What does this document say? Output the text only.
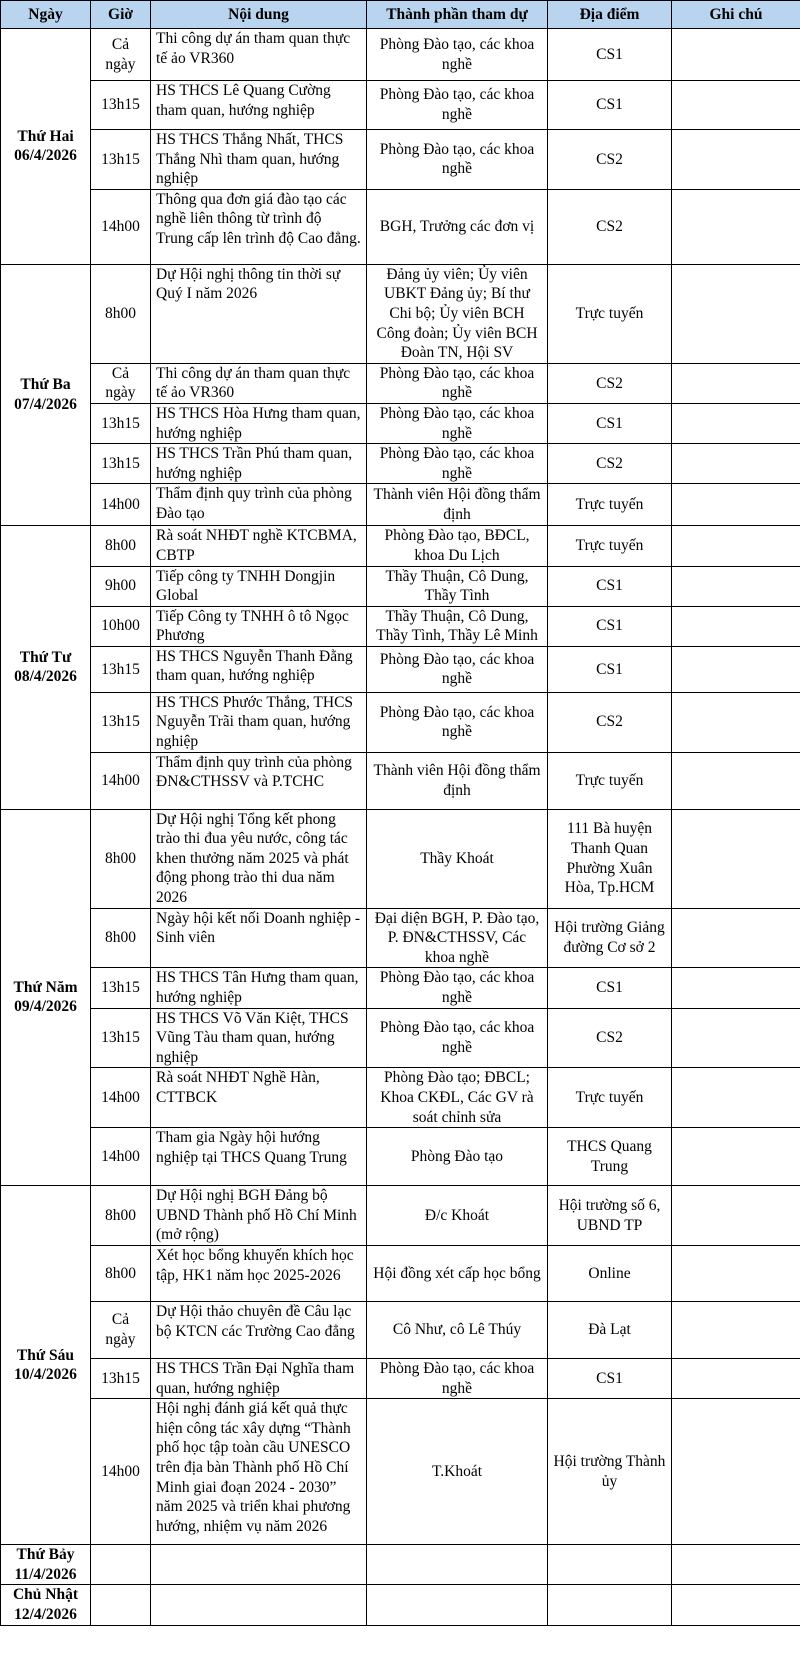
Ngày	Giờ	Nội dung	Thành phần tham dự	Địa điểm	Ghi chú

Thứ Hai
06/4/2026	Cả ngày	Thi công dự án tham quan thực tế ảo VR360	Phòng Đào tạo, các khoa nghề	CS1	
	13h15	HS THCS Lê Quang Cường tham quan, hướng nghiệp	Phòng Đào tạo, các khoa nghề	CS1	
	13h15	HS THCS Thắng Nhất, THCS Thắng Nhì tham quan, hướng nghiệp	Phòng Đào tạo, các khoa nghề	CS2	
	14h00	Thông qua đơn giá đào tạo các nghề liên thông từ trình độ Trung cấp lên trình độ Cao đẳng.	BGH, Trưởng các đơn vị	CS2	

Thứ Ba
07/4/2026	8h00	Dự Hội nghị thông tin thời sự Quý I năm 2026	Đảng ủy viên; Ủy viên UBKT Đảng ủy; Bí thư Chi bộ; Ủy viên BCH Công đoàn; Ủy viên BCH Đoàn TN, Hội SV	Trực tuyến	
	Cả ngày	Thi công dự án tham quan thực tế ảo VR360	Phòng Đào tạo, các khoa nghề	CS2	
	13h15	HS THCS Hòa Hưng tham quan, hướng nghiệp	Phòng Đào tạo, các khoa nghề	CS1	
	13h15	HS THCS Trần Phú tham quan, hướng nghiệp	Phòng Đào tạo, các khoa nghề	CS2	
	14h00	Thẩm định quy trình của phòng Đào tạo	Thành viên Hội đồng thẩm định	Trực tuyến	

Thứ Tư
08/4/2026	8h00	Rà soát NHĐT nghề KTCBMA, CBTP	Phòng Đào tạo, BĐCL, khoa Du Lịch	Trực tuyến	
	9h00	Tiếp công ty TNHH Dongjin Global	Thầy Thuận, Cô Dung, Thầy Tình	CS1	
	10h00	Tiếp Công ty TNHH ô tô Ngọc Phương	Thầy Thuận, Cô Dung, Thầy Tình, Thầy Lê Minh	CS1	
	13h15	HS THCS Nguyễn Thanh Đằng tham quan, hướng nghiệp	Phòng Đào tạo, các khoa nghề	CS1	
	13h15	HS THCS Phước Thắng, THCS Nguyễn Trãi tham quan, hướng nghiệp	Phòng Đào tạo, các khoa nghề	CS2	
	14h00	Thẩm định quy trình của phòng ĐN&CTHSSV và P.TCHC	Thành viên Hội đồng thẩm định	Trực tuyến	

Thứ Năm
09/4/2026	8h00	Dự Hội nghị Tổng kết phong trào thi đua yêu nước, công tác khen thưởng năm 2025 và phát động phong trào thi dua năm 2026	Thầy Khoát	111 Bà huyện Thanh Quan Phường Xuân Hòa, Tp.HCM	
	8h00	Ngày hội kết nối Doanh nghiệp - Sinh viên	Đại diện BGH, P. Đào tạo, P. ĐN&CTHSSV, Các khoa nghề	Hội trường Giảng đường Cơ sở 2	
	13h15	HS THCS Tân Hưng tham quan, hướng nghiệp	Phòng Đào tạo, các khoa nghề	CS1	
	13h15	HS THCS Võ Văn Kiệt, THCS Vũng Tàu tham quan, hướng nghiệp	Phòng Đào tạo, các khoa nghề	CS2	
	14h00	Rà soát NHĐT Nghề Hàn, CTTBCK	Phòng Đào tạo; ĐBCL; Khoa CKĐL, Các GV rà soát chỉnh sửa	Trực tuyến	
	14h00	Tham gia Ngày hội hướng nghiệp tại THCS Quang Trung	Phòng Đào tạo	THCS Quang Trung	

Thứ Sáu
10/4/2026	8h00	Dự Hội nghị BGH Đảng bộ UBND Thành phố Hồ Chí Minh (mở rộng)	Đ/c Khoát	Hội trường số 6, UBND TP	
	8h00	Xét học bổng khuyến khích học tập, HK1 năm học 2025-2026	Hội đồng xét cấp học bổng	Online	
	Cả ngày	Dự Hội thảo chuyên đề Câu lạc bộ KTCN các Trường Cao đẳng	Cô Như, cô Lê Thúy	Đà Lạt	
	13h15	HS THCS Trần Đại Nghĩa tham quan, hướng nghiệp	Phòng Đào tạo, các khoa nghề	CS1	
	14h00	Hội nghị đánh giá kết quả thực hiện công tác xây dựng “Thành phố học tập toàn cầu UNESCO trên địa bàn Thành phố Hồ Chí Minh giai đoạn 2024 - 2030” năm 2025 và triển khai phương hướng, nhiệm vụ năm 2026	T.Khoát	Hội trường Thành ủy	

Thứ Bảy
11/4/2026					

Chủ Nhật
12/4/2026					
